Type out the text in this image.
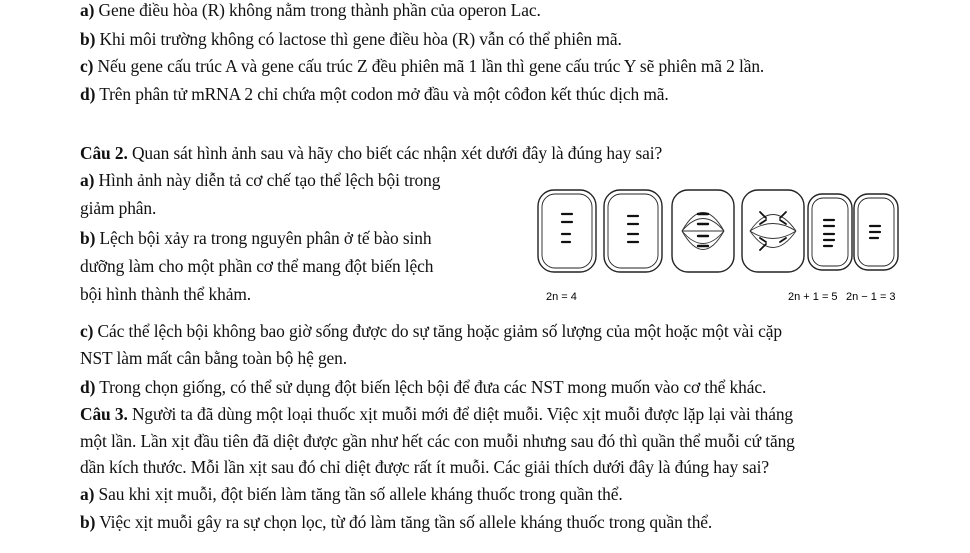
a) Gene điều hòa (R) không nằm trong thành phần của operon Lac.
b) Khi môi trường không có lactose thì gene điều hòa (R) vẫn có thể phiên mã.
c) Nếu gene cấu trúc A và gene cấu trúc Z đều phiên mã 1 lần thì gene cấu trúc Y sẽ phiên mã 2 lần.
d) Trên phân tử mRNA 2 chỉ chứa một codon mở đầu và một côđon kết thúc dịch mã.
Câu 2. Quan sát hình ảnh sau và hãy cho biết các nhận xét dưới đây là đúng hay sai?
a) Hình ảnh này diễn tả cơ chế tạo thể lệch bội trong
giảm phân.
b) Lệch bội xảy ra trong nguyên phân ở tế bào sinh
dưỡng làm cho một phần cơ thể mang đột biến lệch
bội hình thành thể khảm.	2n = 4	2n + 1 = 5 2n − 1 = 3
c) Các thể lệch bội không bao giờ sống được do sự tăng hoặc giảm số lượng của một hoặc một vài cặp
NST làm mất cân bằng toàn bộ hệ gen.
d) Trong chọn giống, có thể sử dụng đột biến lệch bội để đưa các NST mong muốn vào cơ thể khác.
Câu 3. Người ta đã dùng một loại thuốc xịt muỗi mới để diệt muỗi. Việc xịt muỗi được lặp lại vài tháng
một lần. Lần xịt đầu tiên đã diệt được gần như hết các con muỗi nhưng sau đó thì quần thể muỗi cứ tăng
dần kích thước. Mỗi lần xịt sau đó chỉ diệt được rất ít muỗi. Các giải thích dưới đây là đúng hay sai?
a) Sau khi xịt muỗi, đột biến làm tăng tần số allele kháng thuốc trong quần thể.
b) Việc xịt muỗi gây ra sự chọn lọc, từ đó làm tăng tần số allele kháng thuốc trong quần thể.
